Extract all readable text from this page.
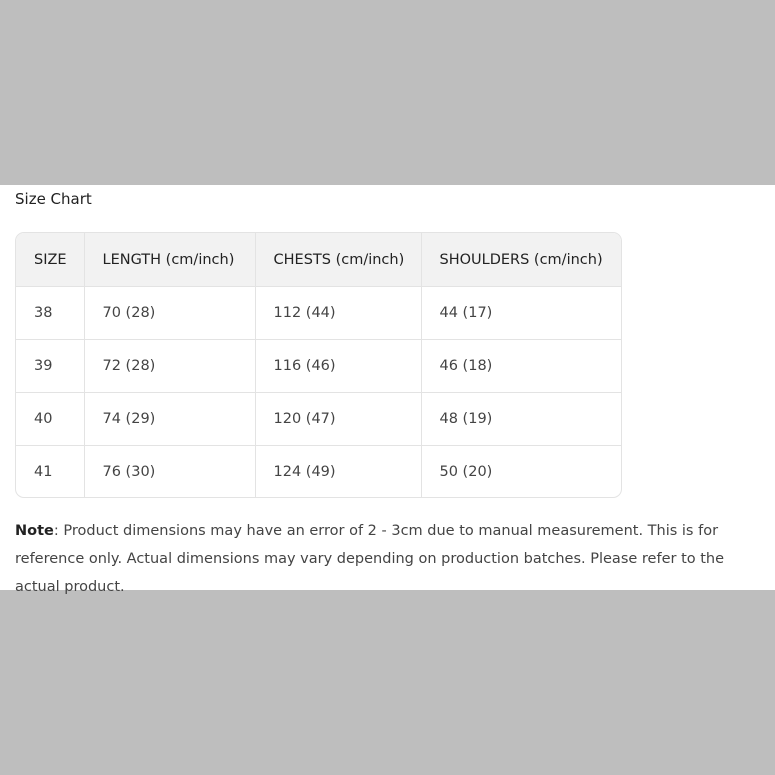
Size Chart
SIZE	LENGTH (cm/inch)	CHESTS (cm/inch)	SHOULDERS (cm/inch)
38	70 (28)	112 (44)	44 (17)
39	72 (28)	116 (46)	46 (18)
40	74 (29)	120 (47)	48 (19)
41	76 (30)	124 (49)	50 (20)
Note: Product dimensions may have an error of 2 - 3cm due to manual measurement. This is for reference only. Actual dimensions may vary depending on production batches. Please refer to the actual product.
